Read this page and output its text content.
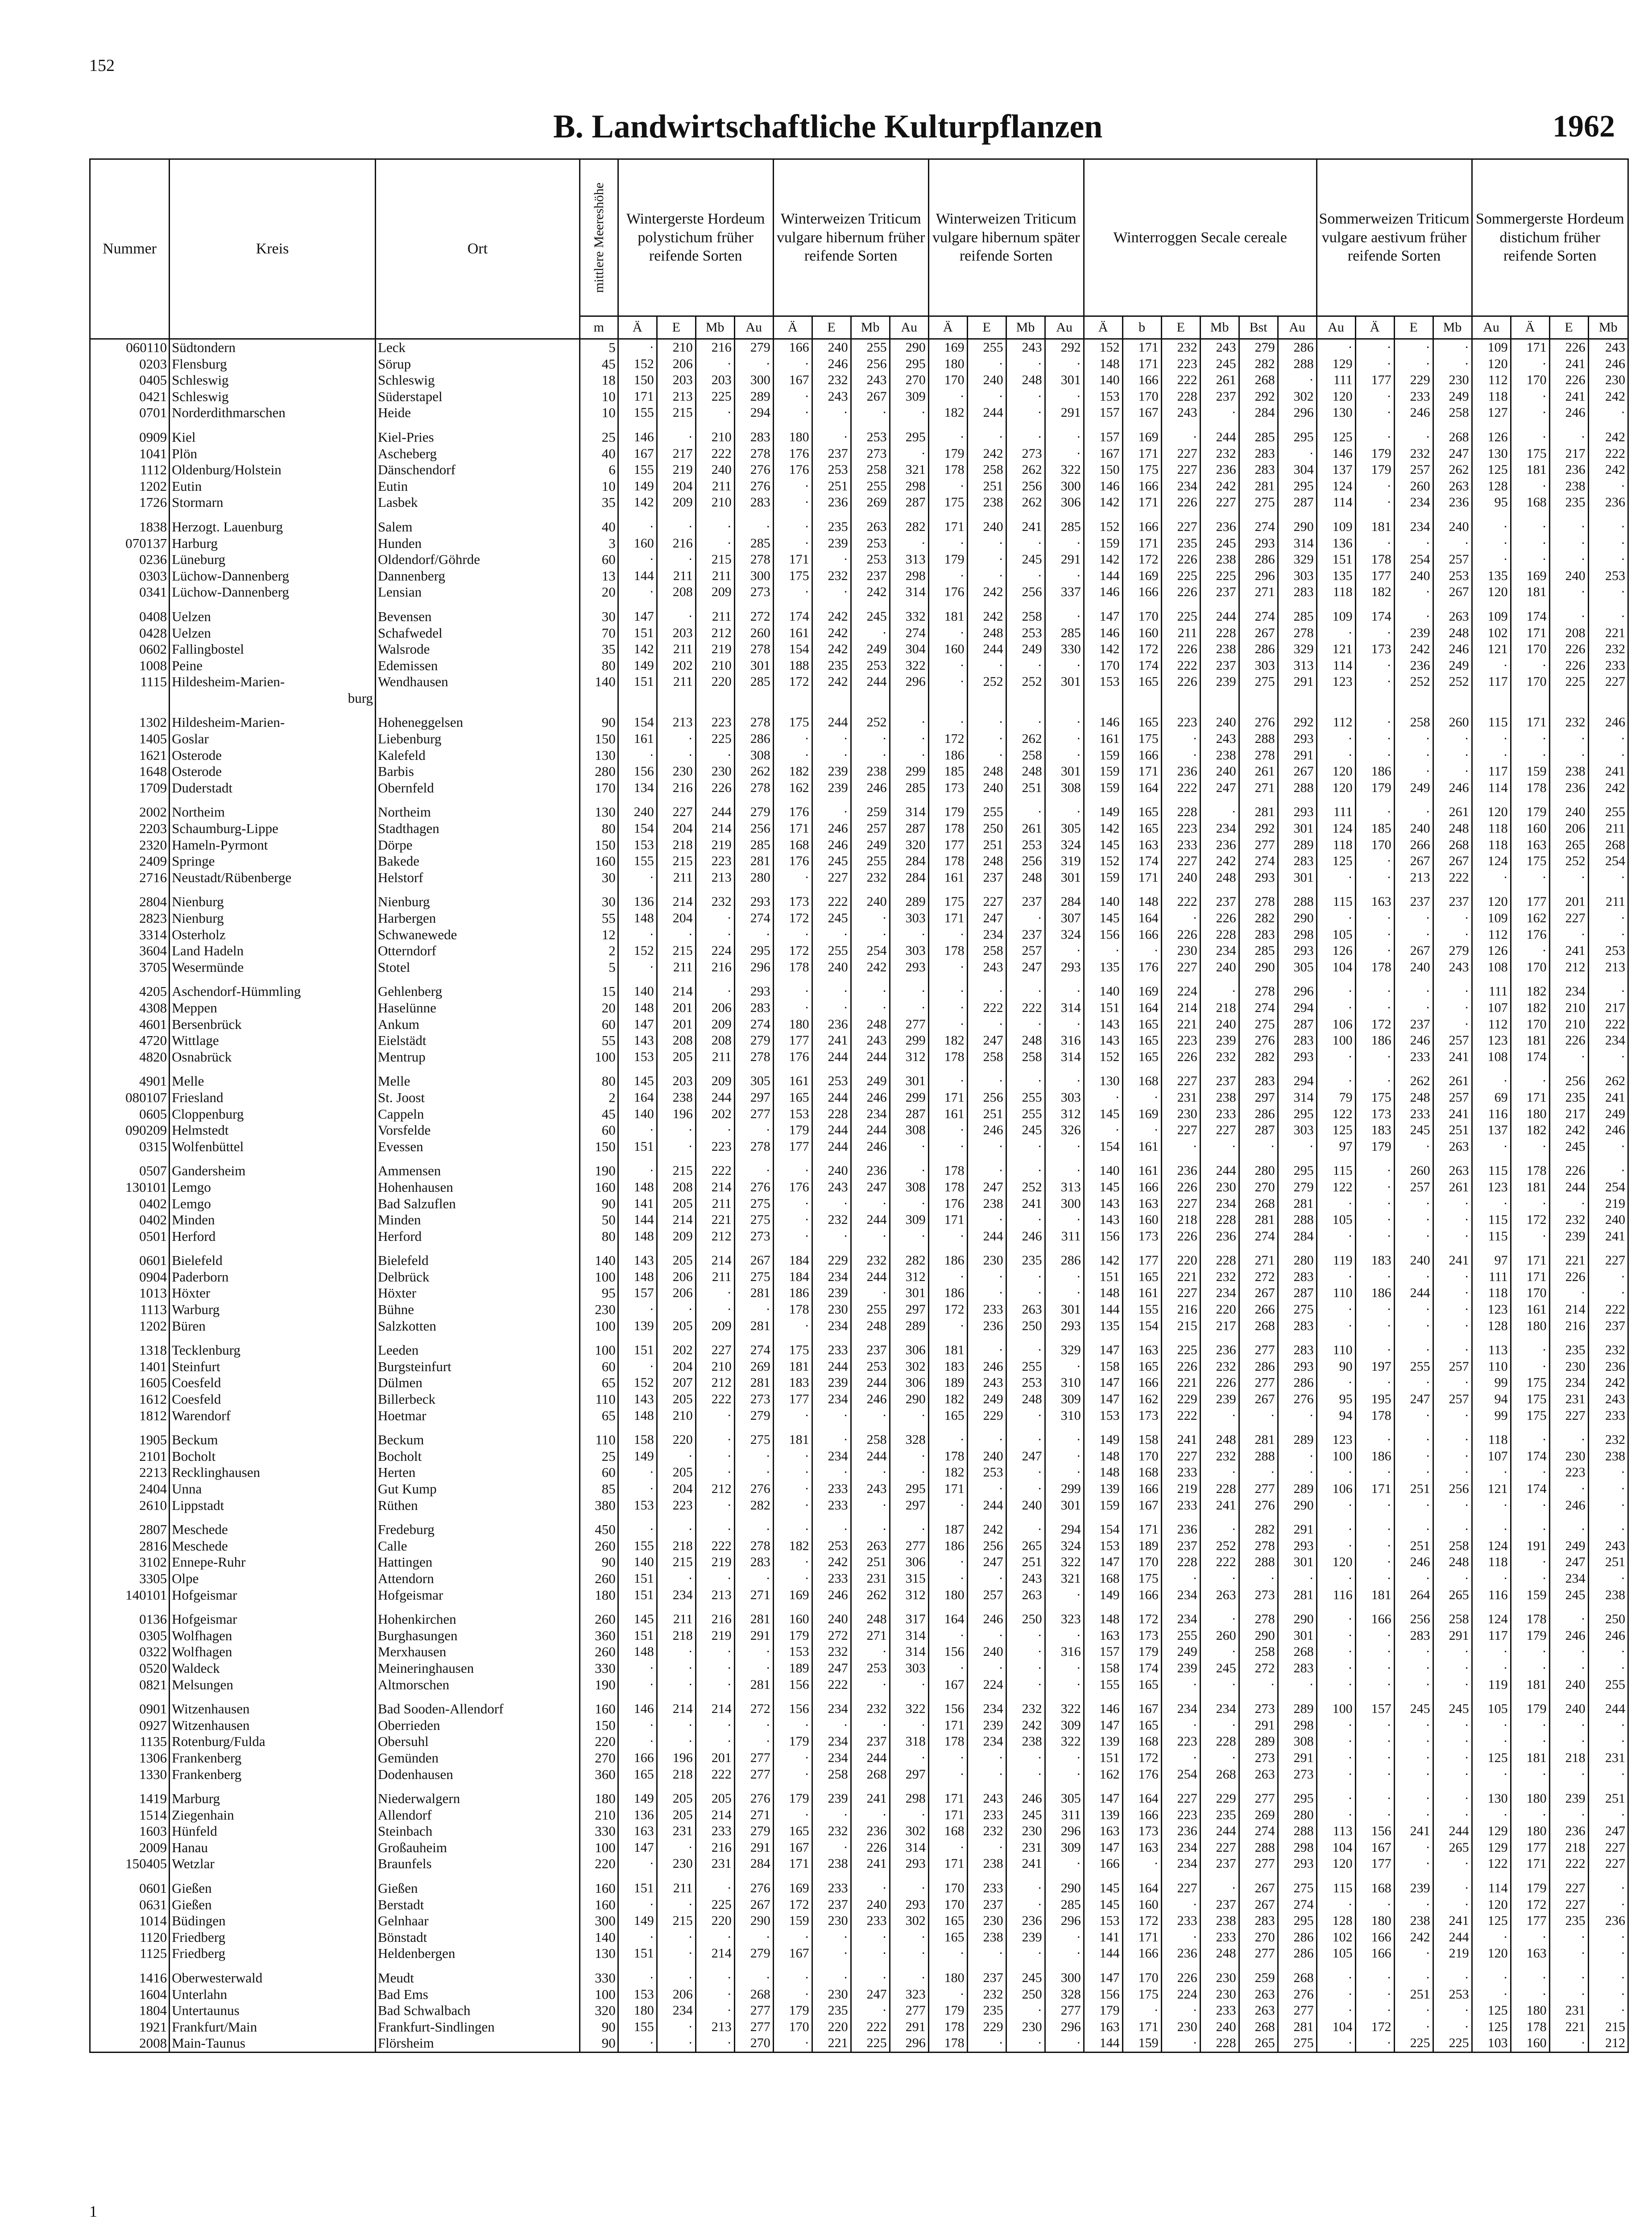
152
B. Landwirtschaftliche Kulturpflanzen	1962
Nummer	Kreis	Ort	mittlere Meereshöhe	Wintergerste Hordeum polystichum früher reifende Sorten				Winterweizen Triticum vulgare hibernum früher reifende Sorten				Winterweizen Triticum vulgare hibernum später reifende Sorten				Winterroggen Secale cereale						Sommerweizen Triticum vulgare aestivum früher reifende Sorten				Sommergerste Hordeum distichum früher reifende Sorten			
			m	Ä	E	Mb	Au	Ä	E	Mb	Au	Ä	E	Mb	Au	Ä	b	E	Mb	Bst	Au	Au	Ä	E	Mb	Au	Ä	E	Mb
060110	Südtondern	Leck	5	·	210	216	279	166	240	255	290	169	255	243	292	152	171	232	243	279	286	·	·	·	·	109	171	226	243
0203	Flensburg	Sörup	45	152	206	·	·	·	246	256	295	180	·	·	·	148	171	223	245	282	288	129	·	·	·	120	·	241	246
0405	Schleswig	Schleswig	18	150	203	203	300	167	232	243	270	170	240	248	301	140	166	222	261	268	·	111	177	229	230	112	170	226	230
0421	Schleswig	Süderstapel	10	171	213	225	289	·	243	267	309	·	·	·	·	153	170	228	237	292	302	120	·	233	249	118	·	241	242
0701	Norderdithmarschen	Heide	10	155	215	·	294	·	·	·	·	182	244	·	291	157	167	243	·	284	296	130	·	246	258	127	·	246	·

0909	Kiel	Kiel-Pries	25	146	·	210	283	180	·	253	295	·	·	·	·	157	169	·	244	285	295	125	·	·	268	126	·	·	242
1041	Plön	Ascheberg	40	167	217	222	278	176	237	273	·	179	242	273	·	167	171	227	232	283	·	146	179	232	247	130	175	217	222
1112	Oldenburg/Holstein	Dänschendorf	6	155	219	240	276	176	253	258	321	178	258	262	322	150	175	227	236	283	304	137	179	257	262	125	181	236	242
1202	Eutin	Eutin	10	149	204	211	276	·	251	255	298	·	251	256	300	146	166	234	242	281	295	124	·	260	263	128	·	238	·
1726	Stormarn	Lasbek	35	142	209	210	283	·	236	269	287	175	238	262	306	142	171	226	227	275	287	114	·	234	236	95	168	235	236

1838	Herzogt. Lauenburg	Salem	40	·	·	·	·	·	235	263	282	171	240	241	285	152	166	227	236	274	290	109	181	234	240	·	·	·	·
070137	Harburg	Hunden	3	160	216	·	285	·	239	253	·	·	·	·	·	159	171	235	245	293	314	136	·	·	·	·	·	·	·
0236	Lüneburg	Oldendorf/Göhrde	60	·	·	215	278	171	·	253	313	179	·	245	291	142	172	226	238	286	329	151	178	254	257	·	·	·	·
0303	Lüchow-Dannenberg	Dannenberg	13	144	211	211	300	175	232	237	298	·	·	·	·	144	169	225	225	296	303	135	177	240	253	135	169	240	253
0341	Lüchow-Dannenberg	Lensian	20	·	208	209	273	·	·	242	314	176	242	256	337	146	166	226	237	271	283	118	182	·	267	120	181	·	·

0408	Uelzen	Bevensen	30	147	·	211	272	174	242	245	332	181	242	258	·	147	170	225	244	274	285	109	174	·	263	109	174	·	·
0428	Uelzen	Schafwedel	70	151	203	212	260	161	242	·	274	·	248	253	285	146	160	211	228	267	278	·	·	239	248	102	171	208	221
0602	Fallingbostel	Walsrode	35	142	211	219	278	154	242	249	304	160	244	249	330	142	172	226	238	286	329	121	173	242	246	121	170	226	232
1008	Peine	Edemissen	80	149	202	210	301	188	235	253	322	·	·	·	·	170	174	222	237	303	313	114	·	236	249	·	·	226	233
1115	Hildesheim-Marien-	Wendhausen	140	151	211	220	285	172	242	244	296	·	252	252	301	153	165	226	239	275	291	123	·	252	252	117	170	225	227
	burg																												

1302	Hildesheim-Marien-	Hoheneggelsen	90	154	213	223	278	175	244	252	·	·	·	·	·	146	165	223	240	276	292	112	·	258	260	115	171	232	246
1405	Goslar	Liebenburg	150	161	·	225	286	·	·	·	·	172	·	262	·	161	175	·	243	288	293	·	·	·	·	·	·	·	·
1621	Osterode	Kalefeld	130	·	·	·	308	·	·	·	·	186	·	258	·	159	166	·	238	278	291	·	·	·	·	·	·	·	·
1648	Osterode	Barbis	280	156	230	230	262	182	239	238	299	185	248	248	301	159	171	236	240	261	267	120	186	·	·	117	159	238	241
1709	Duderstadt	Obernfeld	170	134	216	226	278	162	239	246	285	173	240	251	308	159	164	222	247	271	288	120	179	249	246	114	178	236	242

2002	Northeim	Northeim	130	240	227	244	279	176	·	259	314	179	255	·	·	149	165	228	·	281	293	111	·	·	261	120	179	240	255
2203	Schaumburg-Lippe	Stadthagen	80	154	204	214	256	171	246	257	287	178	250	261	305	142	165	223	234	292	301	124	185	240	248	118	160	206	211
2320	Hameln-Pyrmont	Dörpe	150	153	218	219	285	168	246	249	320	177	251	253	324	145	163	233	236	277	289	118	170	266	268	118	163	265	268
2409	Springe	Bakede	160	155	215	223	281	176	245	255	284	178	248	256	319	152	174	227	242	274	283	125	·	267	267	124	175	252	254
2716	Neustadt/Rübenberge	Helstorf	30	·	211	213	280	·	227	232	284	161	237	248	301	159	171	240	248	293	301	·	·	213	222	·	·	·	·

2804	Nienburg	Nienburg	30	136	214	232	293	173	222	240	289	175	227	237	284	140	148	222	237	278	288	115	163	237	237	120	177	201	211
2823	Nienburg	Harbergen	55	148	204	·	274	172	245	·	303	171	247	·	307	145	164	·	226	282	290	·	·	·	·	109	162	227	·
3314	Osterholz	Schwanewede	12	·	·	·	·	·	·	·	·	·	234	237	324	156	166	226	228	283	298	105	·	·	·	112	176	·	·
3604	Land Hadeln	Otterndorf	2	152	215	224	295	172	255	254	303	178	258	257	·	·	·	230	234	285	293	126	·	267	279	126	·	241	253
3705	Wesermünde	Stotel	5	·	211	216	296	178	240	242	293	·	243	247	293	135	176	227	240	290	305	104	178	240	243	108	170	212	213

4205	Aschendorf-Hümmling	Gehlenberg	15	140	214	·	293	·	·	·	·	·	·	·	·	140	169	224	·	278	296	·	·	·	·	111	182	234	·
4308	Meppen	Haselünne	20	148	201	206	283	·	·	·	·	·	222	222	314	151	164	214	218	274	294	·	·	·	·	107	182	210	217
4601	Bersenbrück	Ankum	60	147	201	209	274	180	236	248	277	·	·	·	·	143	165	221	240	275	287	106	172	237	·	112	170	210	222
4720	Wittlage	Eielstädt	55	143	208	208	279	177	241	243	299	182	247	248	316	143	165	223	239	276	283	100	186	246	257	123	181	226	234
4820	Osnabrück	Mentrup	100	153	205	211	278	176	244	244	312	178	258	258	314	152	165	226	232	282	293	·	·	233	241	108	174	·	·

4901	Melle	Melle	80	145	203	209	305	161	253	249	301	·	·	·	·	130	168	227	237	283	294	·	·	262	261	·	·	256	262
080107	Friesland	St. Joost	2	164	238	244	297	165	244	246	299	171	256	255	303	·	·	231	238	297	314	79	175	248	257	69	171	235	241
0605	Cloppenburg	Cappeln	45	140	196	202	277	153	228	234	287	161	251	255	312	145	169	230	233	286	295	122	173	233	241	116	180	217	249
090209	Helmstedt	Vorsfelde	60	·	·	·	·	179	244	244	308	·	246	245	326	·	·	227	227	287	303	125	183	245	251	137	182	242	246
0315	Wolfenbüttel	Evessen	150	151	·	223	278	177	244	246	·	·	·	·	·	154	161	·	·	·	·	97	179	·	263	·	·	245	·

0507	Gandersheim	Ammensen	190	·	215	222	·	·	240	236	·	178	·	·	·	140	161	236	244	280	295	115	·	260	263	115	178	226	·
130101	Lemgo	Hohenhausen	160	148	208	214	276	176	243	247	308	178	247	252	313	145	166	226	230	270	279	122	·	257	261	123	181	244	254
0402	Lemgo	Bad Salzuflen	90	141	205	211	275	·	·	·	·	176	238	241	300	143	163	227	234	268	281	·	·	·	·	·	·	·	219
0402	Minden	Minden	50	144	214	221	275	·	232	244	309	171	·	·	·	143	160	218	228	281	288	105	·	·	·	115	172	232	240
0501	Herford	Herford	80	148	209	212	273	·	·	·	·	·	244	246	311	156	173	226	236	274	284	·	·	·	·	115	·	239	241

0601	Bielefeld	Bielefeld	140	143	205	214	267	184	229	232	282	186	230	235	286	142	177	220	228	271	280	119	183	240	241	97	171	221	227
0904	Paderborn	Delbrück	100	148	206	211	275	184	234	244	312	·	·	·	·	151	165	221	232	272	283	·	·	·	·	111	171	226	·
1013	Höxter	Höxter	95	157	206	·	281	186	239	·	301	186	·	·	·	148	161	227	234	267	287	110	186	244	·	118	170	·	·
1113	Warburg	Bühne	230	·	·	·	·	178	230	255	297	172	233	263	301	144	155	216	220	266	275	·	·	·	·	123	161	214	222
1202	Büren	Salzkotten	100	139	205	209	281	·	234	248	289	·	236	250	293	135	154	215	217	268	283	·	·	·	·	128	180	216	237

1318	Tecklenburg	Leeden	100	151	202	227	274	175	233	237	306	181	·	·	329	147	163	225	236	277	283	110	·	·	·	113	·	235	232
1401	Steinfurt	Burgsteinfurt	60	·	204	210	269	181	244	253	302	183	246	255	·	158	165	226	232	286	293	90	197	255	257	110	·	230	236
1605	Coesfeld	Dülmen	65	152	207	212	281	183	239	244	306	189	243	253	310	147	166	221	226	277	286	·	·	·	·	99	175	234	242
1612	Coesfeld	Billerbeck	110	143	205	222	273	177	234	246	290	182	249	248	309	147	162	229	239	267	276	95	195	247	257	94	175	231	243
1812	Warendorf	Hoetmar	65	148	210	·	279	·	·	·	·	165	229	·	310	153	173	222	·	·	·	94	178	·	·	99	175	227	233

1905	Beckum	Beckum	110	158	220	·	275	181	·	258	328	·	·	·	·	149	158	241	248	281	289	123	·	·	·	118	·	·	232
2101	Bocholt	Bocholt	25	149	·	·	·	·	234	244	·	178	240	247	·	148	170	227	232	288	·	100	186	·	·	107	174	230	238
2213	Recklinghausen	Herten	60	·	205	·	·	·	·	·	·	182	253	·	·	148	168	233	·	·	·	·	·	·	·	·	·	223	·
2404	Unna	Gut Kump	85	·	204	212	276	·	233	243	295	171	·	·	299	139	166	219	228	277	289	106	171	251	256	121	174	·	·
2610	Lippstadt	Rüthen	380	153	223	·	282	·	233	·	297	·	244	240	301	159	167	233	241	276	290	·	·	·	·	·	·	246	·

2807	Meschede	Fredeburg	450	·	·	·	·	·	·	·	·	187	242	·	294	154	171	236	·	282	291	·	·	·	·	·	·	·	·
2816	Meschede	Calle	260	155	218	222	278	182	253	263	277	186	256	265	324	153	189	237	252	278	293	·	·	251	258	124	191	249	243
3102	Ennepe-Ruhr	Hattingen	90	140	215	219	283	·	242	251	306	·	247	251	322	147	170	228	222	288	301	120	·	246	248	118	·	247	251
3305	Olpe	Attendorn	260	151	·	·	·	·	233	231	315	·	·	243	321	168	175	·	·	·	·	·	·	·	·	·	·	234	·
140101	Hofgeismar	Hofgeismar	180	151	234	213	271	169	246	262	312	180	257	263	·	149	166	234	263	273	281	116	181	264	265	116	159	245	238

0136	Hofgeismar	Hohenkirchen	260	145	211	216	281	160	240	248	317	164	246	250	323	148	172	234	·	278	290	·	166	256	258	124	178	·	250
0305	Wolfhagen	Burghasungen	360	151	218	219	291	179	272	271	314	·	·	·	·	163	173	255	260	290	301	·	·	283	291	117	179	246	246
0322	Wolfhagen	Merxhausen	260	148	·	·	·	153	232	·	314	156	240	·	316	157	179	249	·	258	268	·	·	·	·	·	·	·	·
0520	Waldeck	Meineringhausen	330	·	·	·	·	189	247	253	303	·	·	·	·	158	174	239	245	272	283	·	·	·	·	·	·	·	·
0821	Melsungen	Altmorschen	190	·	·	·	281	156	222	·	·	167	224	·	·	155	165	·	·	·	·	·	·	·	·	119	181	240	255

0901	Witzenhausen	Bad Sooden-Allendorf	160	146	214	214	272	156	234	232	322	156	234	232	322	146	167	234	234	273	289	100	157	245	245	105	179	240	244
0927	Witzenhausen	Oberrieden	150	·	·	·	·	·	·	·	·	171	239	242	309	147	165	·	·	291	298	·	·	·	·	·	·	·	·
1135	Rotenburg/Fulda	Obersuhl	220	·	·	·	·	179	234	237	318	178	234	238	322	139	168	223	228	289	308	·	·	·	·	·	·	·	·
1306	Frankenberg	Gemünden	270	166	196	201	277	·	234	244	·	·	·	·	·	151	172	·	·	273	291	·	·	·	·	125	181	218	231
1330	Frankenberg	Dodenhausen	360	165	218	222	277	·	258	268	297	·	·	·	·	162	176	254	268	263	273	·	·	·	·	·	·	·	·

1419	Marburg	Niederwalgern	180	149	205	205	276	179	239	241	298	171	243	246	305	147	164	227	229	277	295	·	·	·	·	130	180	239	251
1514	Ziegenhain	Allendorf	210	136	205	214	271	·	·	·	·	171	233	245	311	139	166	223	235	269	280	·	·	·	·	·	·	·	·
1603	Hünfeld	Steinbach	330	163	231	233	279	165	232	236	302	168	232	230	296	163	173	236	244	274	288	113	156	241	244	129	180	236	247
2009	Hanau	Großauheim	100	147	·	216	291	167	·	226	314	·	·	231	309	147	163	234	227	288	298	104	167	·	265	129	177	218	227
150405	Wetzlar	Braunfels	220	·	230	231	284	171	238	241	293	171	238	241	·	166	·	234	237	277	293	120	177	·	·	122	171	222	227

0601	Gießen	Gießen	160	151	211	·	276	169	233	·	·	170	233	·	290	145	164	227	·	267	275	115	168	239	·	114	179	227	·
0631	Gießen	Berstadt	160	·	·	225	267	172	237	240	293	170	237	·	285	145	160	·	237	267	274	·	·	·	·	120	172	227	·
1014	Büdingen	Gelnhaar	300	149	215	220	290	159	230	233	302	165	230	236	296	153	172	233	238	283	295	128	180	238	241	125	177	235	236
1120	Friedberg	Bönstadt	140	·	·	·	·	·	·	·	·	165	238	239	·	141	171	·	233	270	286	102	166	242	244	·	·	·	·
1125	Friedberg	Heldenbergen	130	151	·	214	279	167	·	·	·	·	·	·	·	144	166	236	248	277	286	105	166	·	219	120	163	·	·

1416	Oberwesterwald	Meudt	330	·	·	·	·	·	·	·	·	180	237	245	300	147	170	226	230	259	268	·	·	·	·	·	·	·	·
1604	Unterlahn	Bad Ems	100	153	206	·	268	·	230	247	323	·	232	250	328	156	175	224	230	263	276	·	·	251	253	·	·	·	·
1804	Untertaunus	Bad Schwalbach	320	180	234	·	277	179	235	·	277	179	235	·	277	179	·	·	233	263	277	·	·	·	·	125	180	231	·
1921	Frankfurt/Main	Frankfurt-Sindlingen	90	155	·	213	277	170	220	222	291	178	229	230	296	163	171	230	240	268	281	104	172	·	·	125	178	221	215
2008	Main-Taunus	Flörsheim	90	·	·	·	270	·	221	225	296	178	·	·	·	144	159	·	228	265	275	·	·	225	225	103	160	·	212
1
